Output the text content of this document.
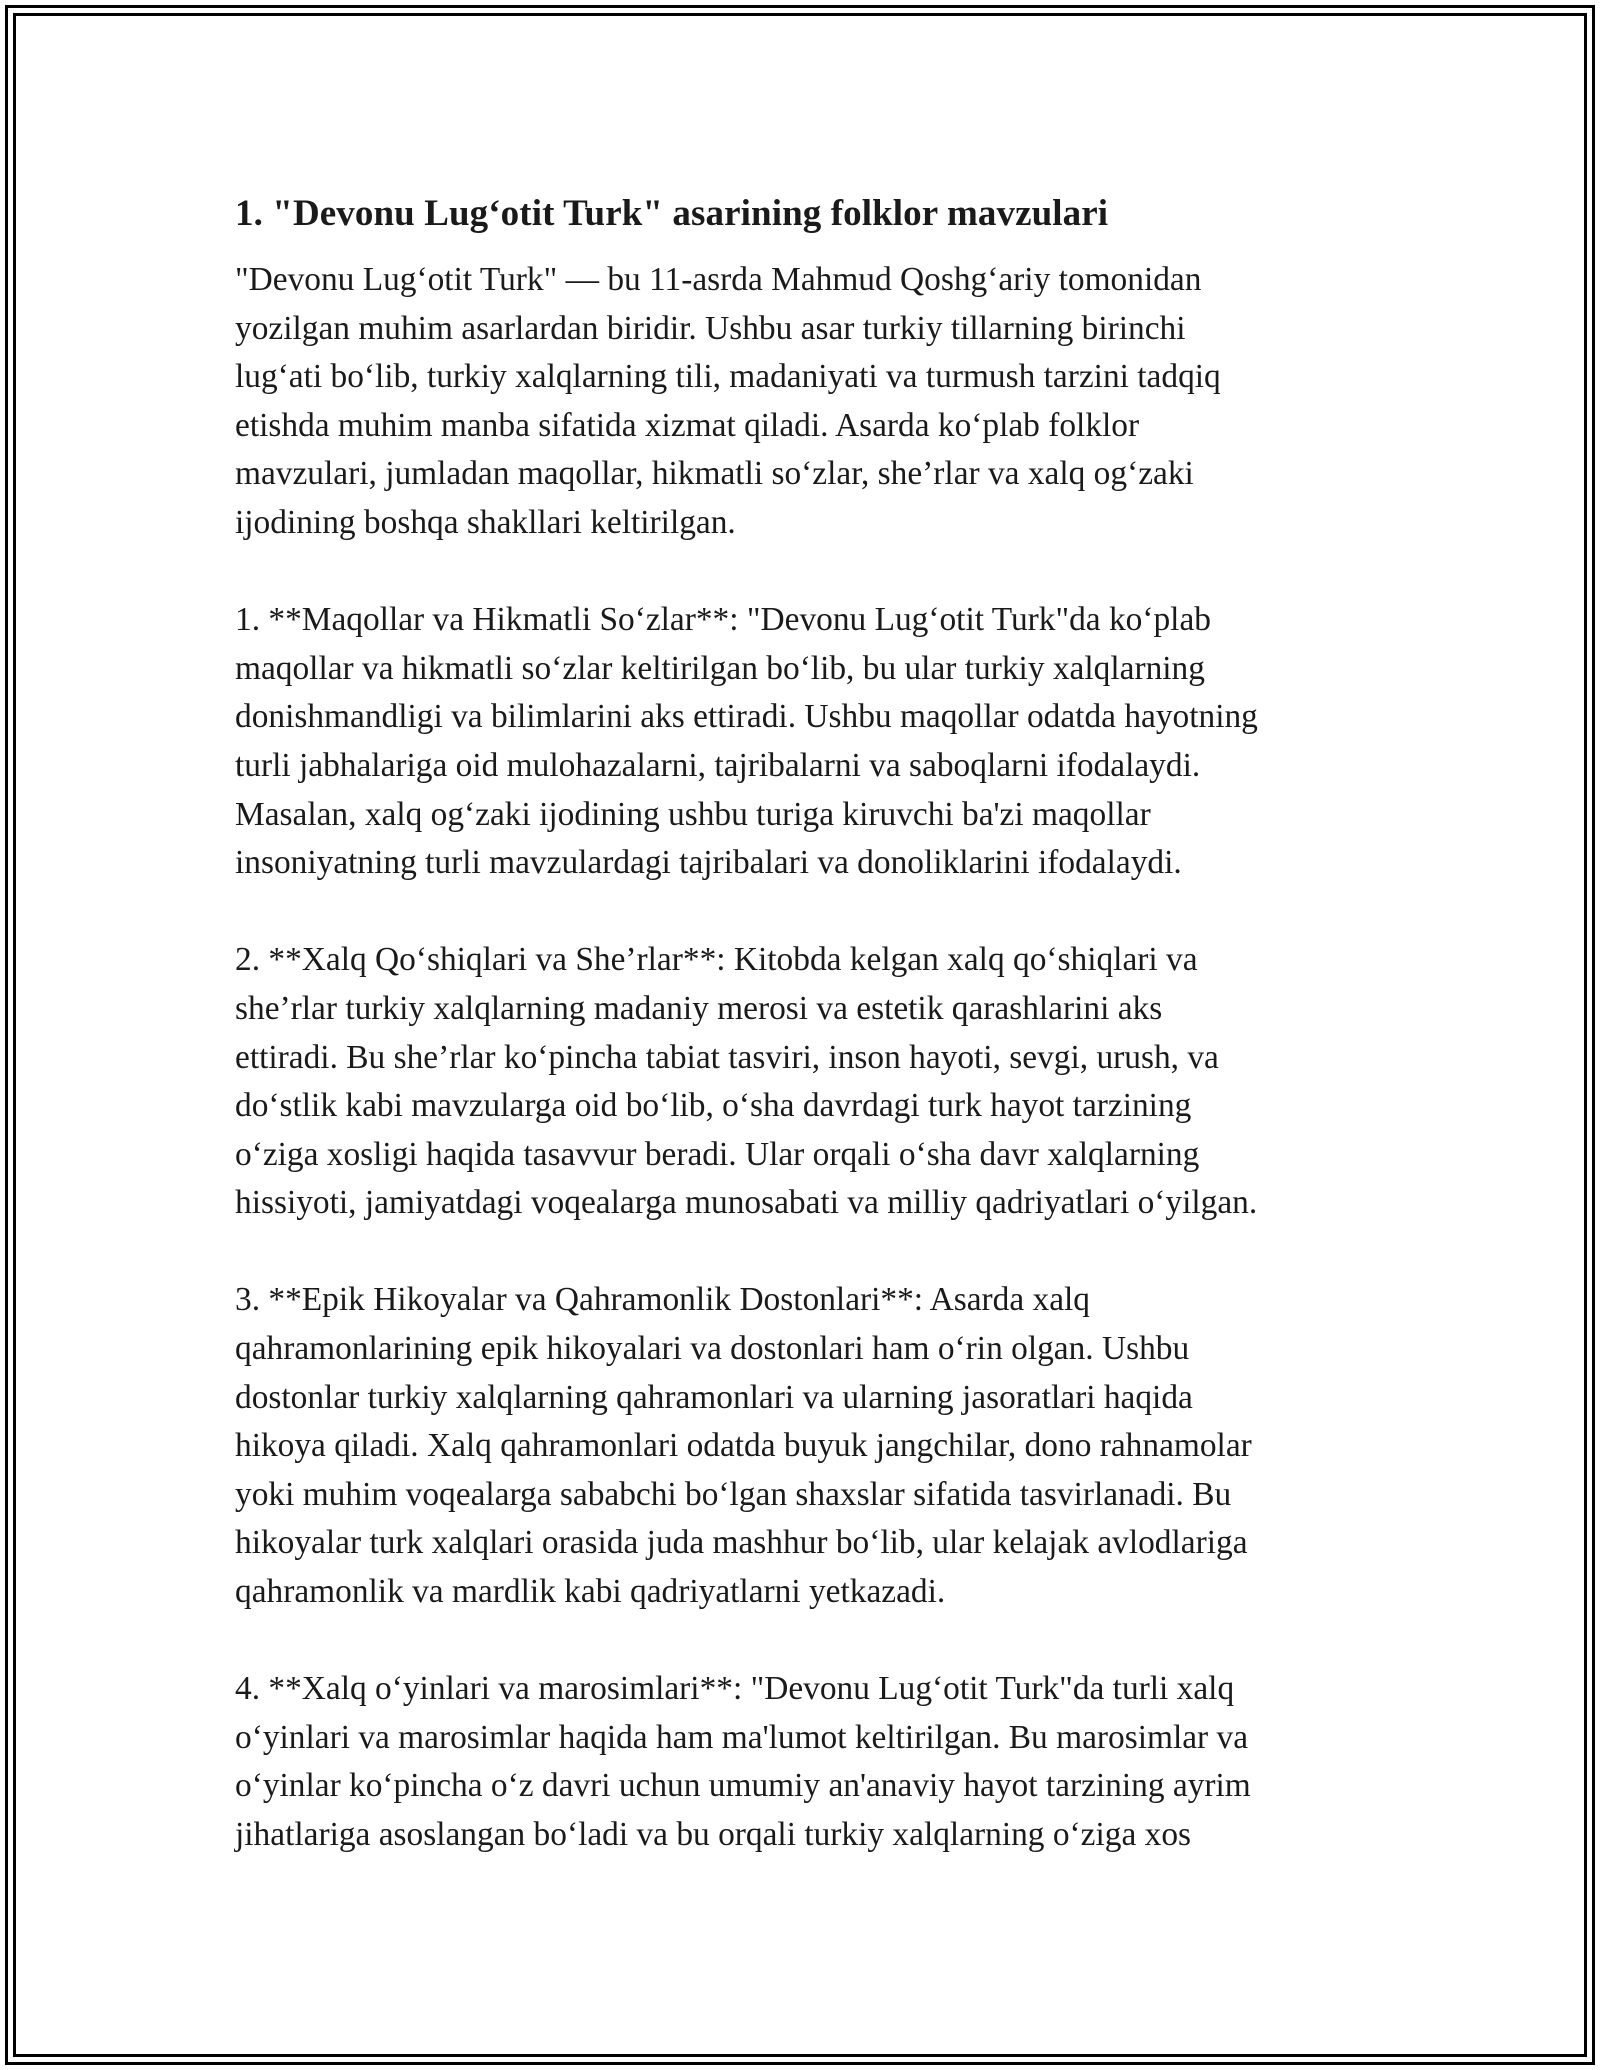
1. "Devonu Lug‘otit Turk" asarining folklor mavzulari

"Devonu Lug‘otit Turk" — bu 11-asrda Mahmud Qoshg‘ariy tomonidan
yozilgan muhim asarlardan biridir. Ushbu asar turkiy tillarning birinchi
lug‘ati bo‘lib, turkiy xalqlarning tili, madaniyati va turmush tarzini tadqiq
etishda muhim manba sifatida xizmat qiladi. Asarda ko‘plab folklor
mavzulari, jumladan maqollar, hikmatli so‘zlar, she’rlar va xalq og‘zaki
ijodining boshqa shakllari keltirilgan.

1. **Maqollar va Hikmatli So‘zlar**: "Devonu Lug‘otit Turk"da ko‘plab
maqollar va hikmatli so‘zlar keltirilgan bo‘lib, bu ular turkiy xalqlarning
donishmandligi va bilimlarini aks ettiradi. Ushbu maqollar odatda hayotning
turli jabhalariga oid mulohazalarni, tajribalarni va saboqlarni ifodalaydi.
Masalan, xalq og‘zaki ijodining ushbu turiga kiruvchi ba'zi maqollar
insoniyatning turli mavzulardagi tajribalari va donoliklarini ifodalaydi.

2. **Xalq Qo‘shiqlari va She’rlar**: Kitobda kelgan xalq qo‘shiqlari va
she’rlar turkiy xalqlarning madaniy merosi va estetik qarashlarini aks
ettiradi. Bu she’rlar ko‘pincha tabiat tasviri, inson hayoti, sevgi, urush, va
do‘stlik kabi mavzularga oid bo‘lib, o‘sha davrdagi turk hayot tarzining
o‘ziga xosligi haqida tasavvur beradi. Ular orqali o‘sha davr xalqlarning
hissiyoti, jamiyatdagi voqealarga munosabati va milliy qadriyatlari o‘yilgan.

3. **Epik Hikoyalar va Qahramonlik Dostonlari**: Asarda xalq
qahramonlarining epik hikoyalari va dostonlari ham o‘rin olgan. Ushbu
dostonlar turkiy xalqlarning qahramonlari va ularning jasoratlari haqida
hikoya qiladi. Xalq qahramonlari odatda buyuk jangchilar, dono rahnamolar
yoki muhim voqealarga sababchi bo‘lgan shaxslar sifatida tasvirlanadi. Bu
hikoyalar turk xalqlari orasida juda mashhur bo‘lib, ular kelajak avlodlariga
qahramonlik va mardlik kabi qadriyatlarni yetkazadi.

4. **Xalq o‘yinlari va marosimlari**: "Devonu Lug‘otit Turk"da turli xalq
o‘yinlari va marosimlar haqida ham ma'lumot keltirilgan. Bu marosimlar va
o‘yinlar ko‘pincha o‘z davri uchun umumiy an'anaviy hayot tarzining ayrim
jihatlariga asoslangan bo‘ladi va bu orqali turkiy xalqlarning o‘ziga xos
